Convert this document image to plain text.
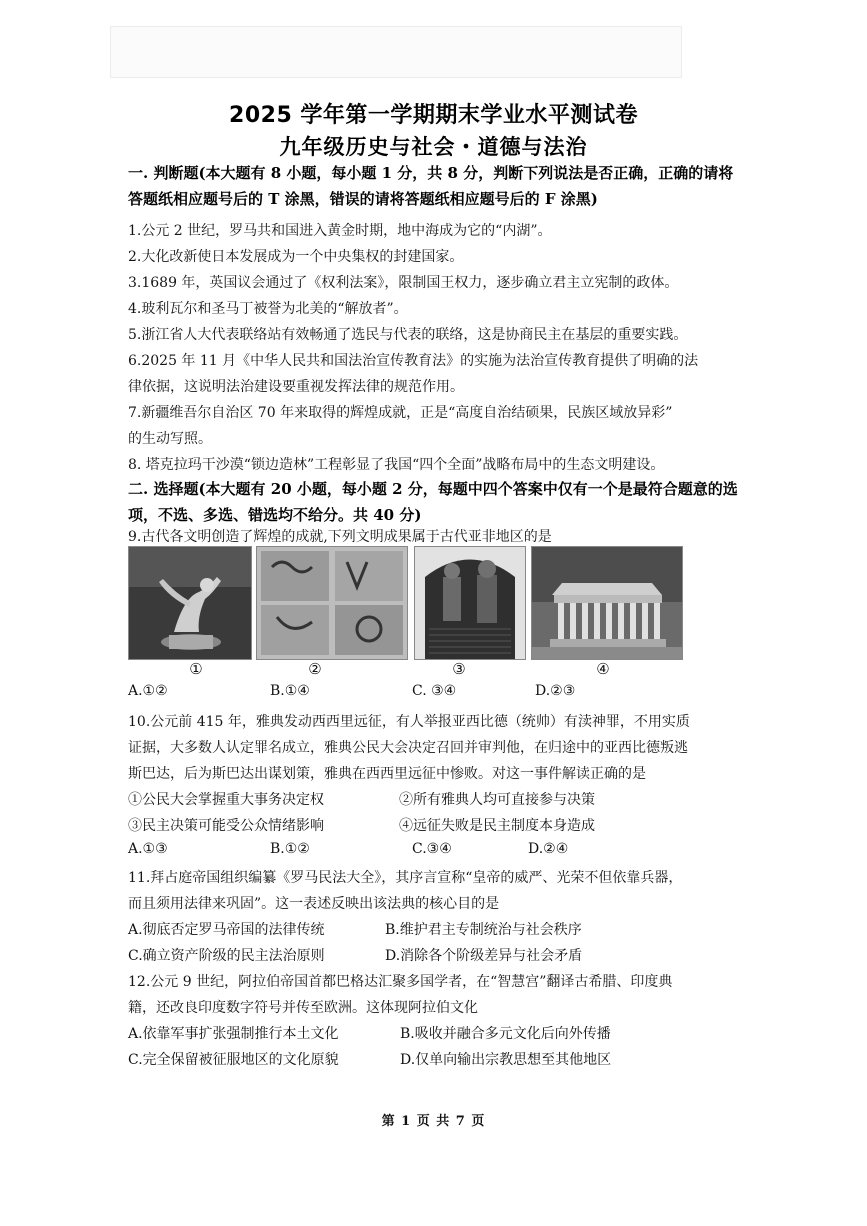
2025 学年第一学期期末学业水平测试卷
九年级历史与社会・道德与法治
一. 判断题(本大题有 8 小题，每小题 1 分，共 8 分，判断下列说法是否正确，正确的请将
答题纸相应题号后的 T 涂黑，错误的请将答题纸相应题号后的 F 涂黑)
1.公元 2 世纪，罗马共和国进入黄金时期，地中海成为它的“内湖”。
2.大化改新使日本发展成为一个中央集权的封建国家。
3.1689 年，英国议会通过了《权利法案》，限制国王权力，逐步确立君主立宪制的政体。
4.玻利瓦尔和圣马丁被誉为北美的“解放者”。
5.浙江省人大代表联络站有效畅通了选民与代表的联络，这是协商民主在基层的重要实践。
6.2025 年 11 月《中华人民共和国法治宣传教育法》的实施为法治宣传教育提供了明确的法
律依据，这说明法治建设要重视发挥法律的规范作用。
7.新疆维吾尔自治区 70 年来取得的辉煌成就，正是“高度自治结硕果，民族区域放异彩”
的生动写照。
8. 塔克拉玛干沙漠“锁边造林”工程彰显了我国“四个全面”战略布局中的生态文明建设。
二. 选择题(本大题有 20 小题，每小题 2 分，每题中四个答案中仅有一个是最符合题意的选
项，不选、多选、错选均不给分。共 40 分)
9.古代各文明创造了辉煌的成就,下列文明成果属于古代亚非地区的是
①	②	③	④
A.①②	B.①④	C. ③④	D.②③
10.公元前 415 年，雅典发动西西里远征，有人举报亚西比德（统帅）有渎神罪，不用实质
证据，大多数人认定罪名成立，雅典公民大会决定召回并审判他，在归途中的亚西比德叛逃
斯巴达，后为斯巴达出谋划策，雅典在西西里远征中惨败。对这一事件解读正确的是
①公民大会掌握重大事务决定权	②所有雅典人均可直接参与决策
③民主决策可能受公众情绪影响	④远征失败是民主制度本身造成
A.①③	B.①②	C.③④	D.②④
11.拜占庭帝国组织编纂《罗马民法大全》，其序言宣称“皇帝的威严、光荣不但依靠兵器，
而且须用法律来巩固”。这一表述反映出该法典的核心目的是
A.彻底否定罗马帝国的法律传统	B.维护君主专制统治与社会秩序
C.确立资产阶级的民主法治原则	D.消除各个阶级差异与社会矛盾
12.公元 9 世纪，阿拉伯帝国首都巴格达汇聚多国学者，在“智慧宫”翻译古希腊、印度典
籍，还改良印度数字符号并传至欧洲。这体现阿拉伯文化
A.依靠军事扩张强制推行本土文化	B.吸收并融合多元文化后向外传播
C.完全保留被征服地区的文化原貌	D.仅单向输出宗教思想至其他地区
第 1 页 共 7 页
